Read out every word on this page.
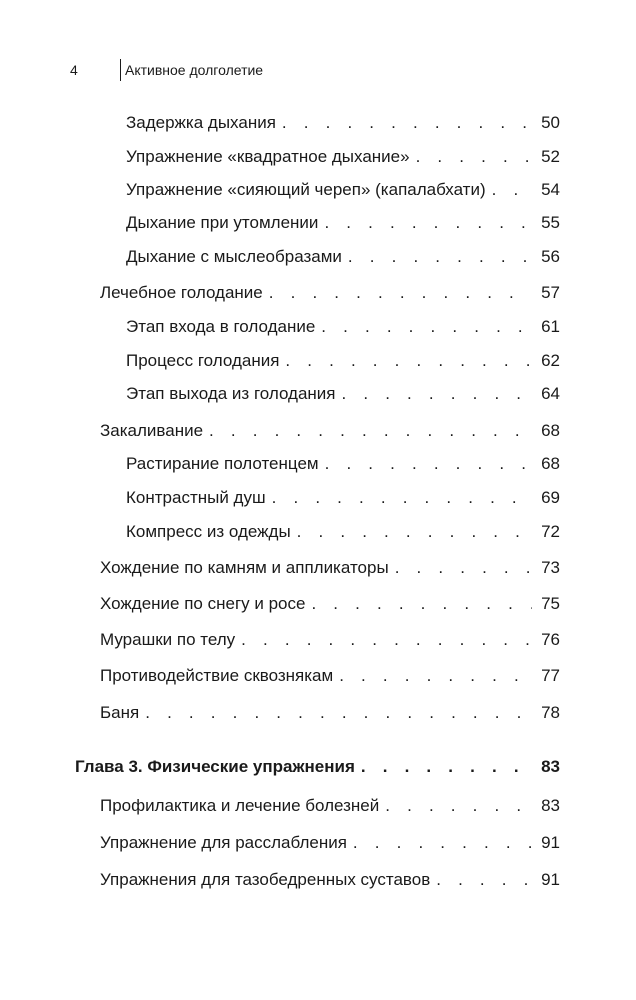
4	Активное долголетие
Задержка дыхания . . .	50
Упражнение «квадратное дыхание» . . .	52
Упражнение «сияющий череп» (капалабхати) . . .	54
Дыхание при утомлении . . .	55
Дыхание с мыслеобразами . . .	56
Лечебное голодание . . .	57
Этап входа в голодание . . .	61
Процесс голодания . . .	62
Этап выхода из голодания . . .	64
Закаливание . . .	68
Растирание полотенцем . . .	68
Контрастный душ . . .	69
Компресс из одежды . . .	72
Хождение по камням и аппликаторы . . .	73
Хождение по снегу и росе . . .	75
Мурашки по телу . . .	76
Противодействие сквознякам . . .	77
Баня . . .	78
Глава 3. Физические упражнения . . .	83
Профилактика и лечение болезней . . .	83
Упражнение для расслабления . . .	91
Упражнения для тазобедренных суставов . . .	91
